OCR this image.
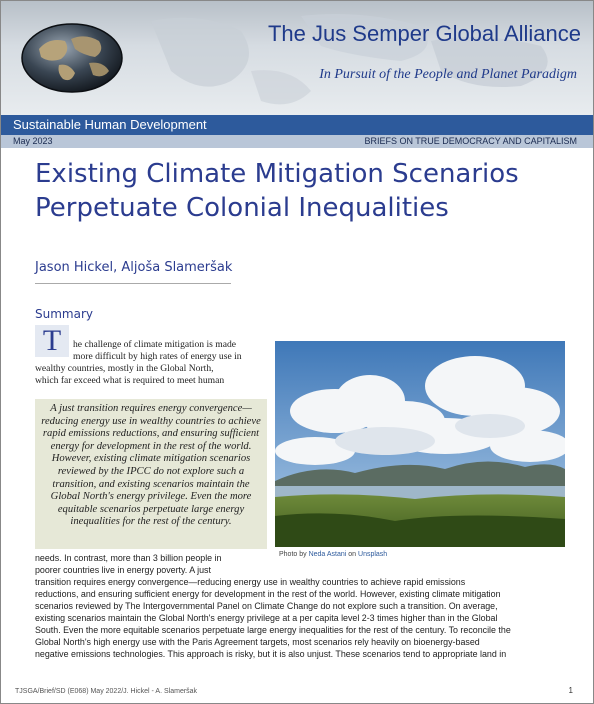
The Jus Semper Global Alliance
In Pursuit of the People and Planet Paradigm
Sustainable Human Development
May 2023	BRIEFS ON TRUE DEMOCRACY AND CAPITALISM
Existing Climate Mitigation Scenarios
Perpetuate Colonial Inequalities
Jason Hickel, Aljoša Slameršak
Summary
T	he challenge of climate mitigation is made
more difficult by high rates of energy use in
wealthy countries, mostly in the Global North,
which far exceed what is required to meet human
A just transition requires energy convergence—reducing energy use in wealthy countries to achieve rapid emissions reductions, and ensuring sufficient energy for development in the rest of the world. However, existing climate mitigation scenarios reviewed by the IPCC do not explore such a transition, and existing scenarios maintain the Global North's energy privilege. Even the more equitable scenarios perpetuate large energy inequalities for the rest of the century.
Photo by Neda Astani on Unsplash
needs. In contrast, more than 3 billion people in
poorer countries live in energy poverty. A just
transition requires energy convergence—reducing energy use in wealthy countries to achieve rapid emissions
reductions, and ensuring sufficient energy for development in the rest of the world. However, existing climate mitigation
scenarios reviewed by The Intergovernmental Panel on Climate Change do not explore such a transition. On average,
existing scenarios maintain the Global North's energy privilege at a per capita level 2-3 times higher than in the Global
South. Even the more equitable scenarios perpetuate large energy inequalities for the rest of the century. To reconcile the
Global North's high energy use with the Paris Agreement targets, most scenarios rely heavily on bioenergy-based
negative emissions technologies. This approach is risky, but it is also unjust. These scenarios tend to appropriate land in
TJSGA/Brief/SD (E068) May 2022/J. Hickel - A. Slameršak	1
